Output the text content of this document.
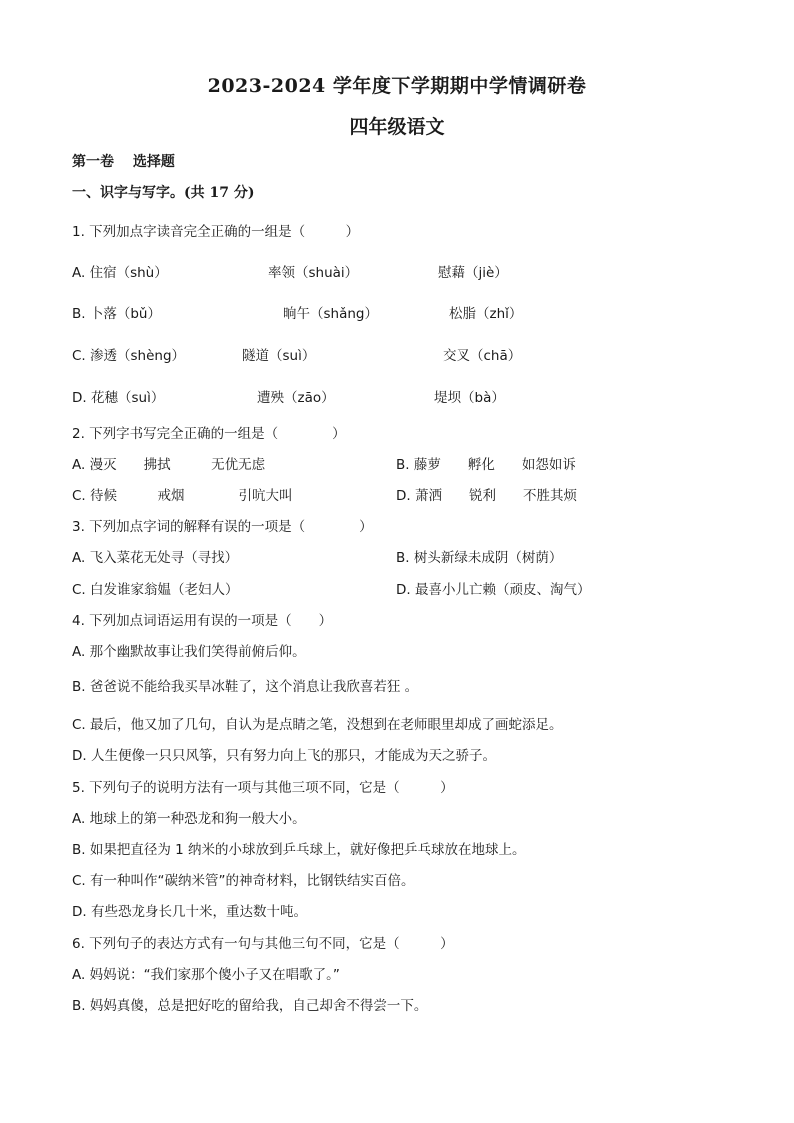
2023-2024 学年度下学期期中学情调研卷
四年级语文
第一卷　 选择题
一、识字与写字。(共 17 分)
1. 下列加点字读音完全正确的一组是（　　　）
A. 住宿（shù）	率领（shuài）	慰藉（jiè）
B. 卜落（bǔ）	晌午（shǎng）	松脂（zhǐ）
C. 渗透（shèng）	隧道（suì）	交叉（chā）
D. 花穗（suì）	遭殃（zāo）	堤坝（bà）
2. 下列字书写完全正确的一组是（　　　　）
A. 漫灭　　拂拭　　　无优无虑	B. 藤萝　　孵化　　如怨如诉
C. 待候　　　戒烟　　　　引吭大叫	D. 萧洒　　锐利　　不胜其烦
3. 下列加点字词的解释有误的一项是（　　　　）
A. 飞入菜花无处寻（寻找）	B. 树头新绿未成阴（树荫）
C. 白发谁家翁媪（老妇人）	D. 最喜小儿亡赖（顽皮、淘气）
4. 下列加点词语运用有误的一项是（　　）
A. 那个幽默故事让我们笑得前俯后仰。
B. 爸爸说不能给我买旱冰鞋了，这个消息让我欣喜若狂 。
C. 最后，他又加了几句，自认为是点睛之笔，没想到在老师眼里却成了画蛇添足。
D. 人生便像一只只风筝，只有努力向上飞的那只，才能成为天之骄子。
5. 下列句子的说明方法有一项与其他三项不同，它是（　　　）
A. 地球上的第一种恐龙和狗一般大小。
B. 如果把直径为 1 纳米的小球放到乒乓球上，就好像把乒乓球放在地球上。
C. 有一种叫作“碳纳米管”的神奇材料，比钢铁结实百倍。
D. 有些恐龙身长几十米，重达数十吨。
6. 下列句子的表达方式有一句与其他三句不同，它是（　　　）
A. 妈妈说：“我们家那个傻小子又在唱歌了。”
B. 妈妈真傻，总是把好吃的留给我，自己却舍不得尝一下。
